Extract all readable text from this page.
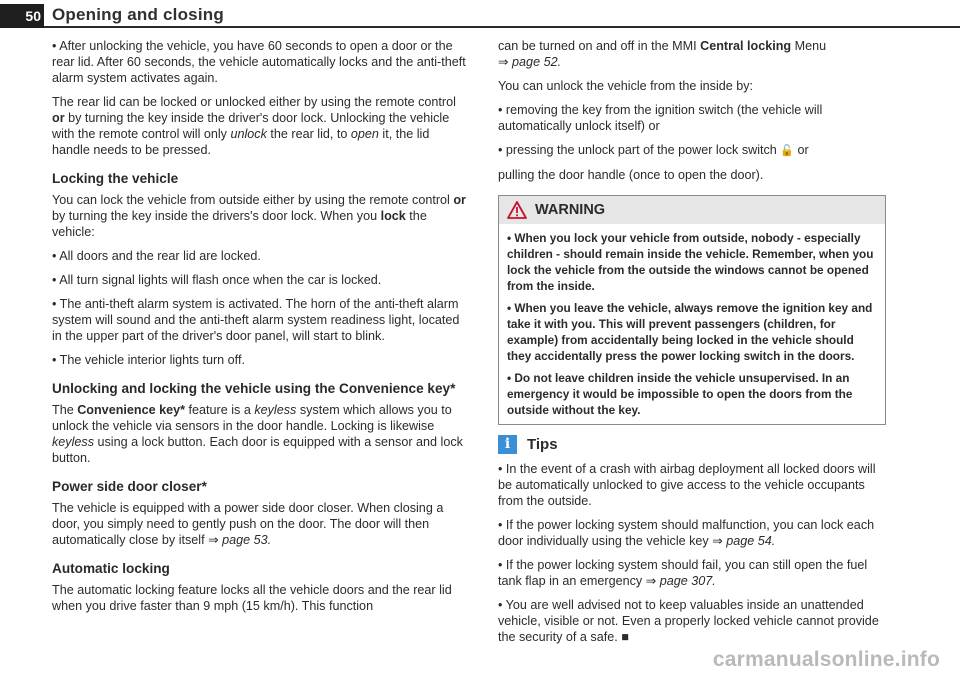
50 Opening and closing

• After unlocking the vehicle, you have 60 seconds to open a door or the rear lid. After 60 seconds, the vehicle automatically locks and the anti-theft alarm system activates again.

The rear lid can be locked or unlocked either by using the remote control or by turning the key inside the driver's door lock. Unlocking the vehicle with the remote control will only unlock the rear lid, to open it, the lid handle needs to be pressed.

Locking the vehicle

You can lock the vehicle from outside either by using the remote control or by turning the key inside the drivers's door lock. When you lock the vehicle:

• All doors and the rear lid are locked.

• All turn signal lights will flash once when the car is locked.

• The anti-theft alarm system is activated. The horn of the anti-theft alarm system will sound and the anti-theft alarm system readiness light, located in the upper part of the driver's door panel, will start to blink.

• The vehicle interior lights turn off.

Unlocking and locking the vehicle using the Convenience key*

The Convenience key* feature is a keyless system which allows you to unlock the vehicle via sensors in the door handle. Locking is likewise keyless using a lock button. Each door is equipped with a sensor and lock button.

Power side door closer*

The vehicle is equipped with a power side door closer. When closing a door, you simply need to gently push on the door. The door will then automatically close by itself ⇒ page 53.

Automatic locking

The automatic locking feature locks all the vehicle doors and the rear lid when you drive faster than 9 mph (15 km/h). This function

can be turned on and off in the MMI Central locking Menu
⇒ page 52.

You can unlock the vehicle from the inside by:

• removing the key from the ignition switch (the vehicle will automatically unlock itself) or

• pressing the unlock part of the power lock switch 🔓 or

pulling the door handle (once to open the door).

WARNING

• When you lock your vehicle from outside, nobody - especially children - should remain inside the vehicle. Remember, when you lock the vehicle from the outside the windows cannot be opened from the inside.

• When you leave the vehicle, always remove the ignition key and take it with you. This will prevent passengers (children, for example) from accidentally being locked in the vehicle should they accidentally press the power locking switch in the doors.

• Do not leave children inside the vehicle unsupervised. In an emergency it would be impossible to open the doors from the outside without the key.

i	Tips

• In the event of a crash with airbag deployment all locked doors will be automatically unlocked to give access to the vehicle occupants from the outside.

• If the power locking system should malfunction, you can lock each door individually using the vehicle key ⇒ page 54.

• If the power locking system should fail, you can still open the fuel tank flap in an emergency ⇒ page 307.

• You are well advised not to keep valuables inside an unattended vehicle, visible or not. Even a properly locked vehicle cannot provide the security of a safe. ■

carmanualsonline.info
